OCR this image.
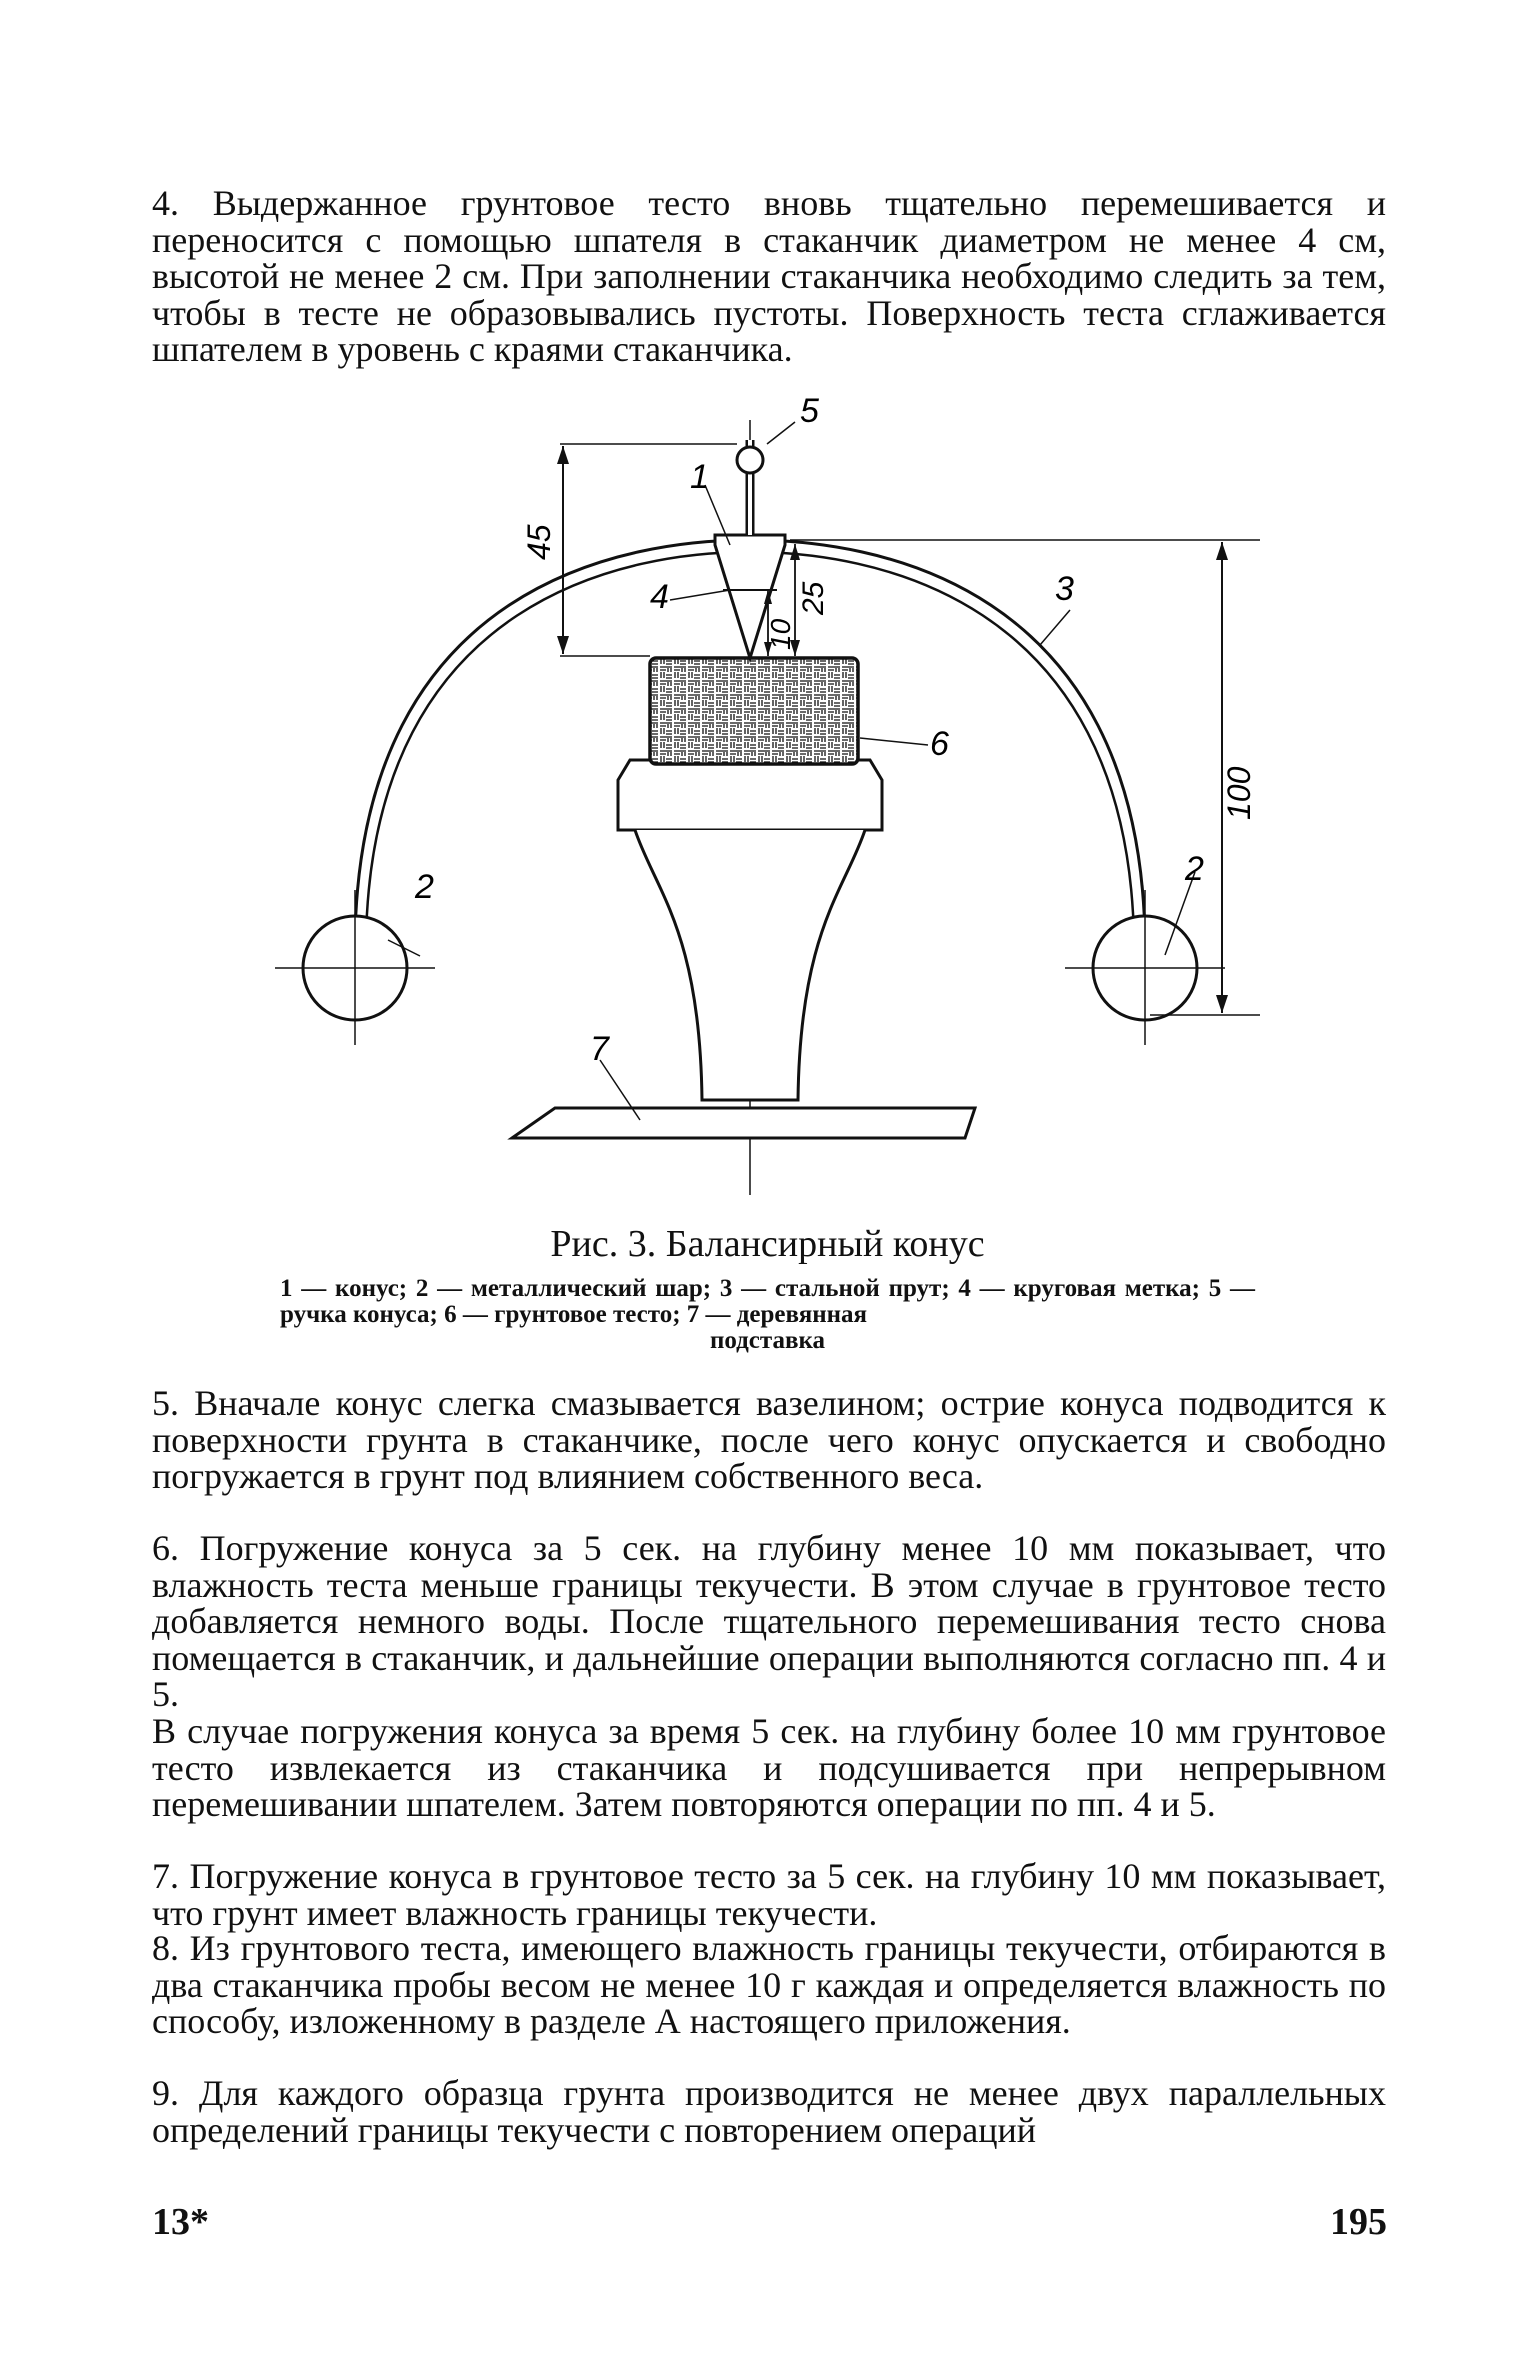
4. Выдержанное грунтовое тесто вновь тщательно перемешивается и переносится с помощью шпателя в стаканчик диаметром не менее 4 см, высотой не менее 2 см. При заполнении стаканчика необходимо следить за тем, чтобы в тесте не образовывались пустоты. Поверхность теста сглаживается шпателем в уровень с краями стаканчика.

45
25
10
100
1
2	2
3
4
5
6
7

Рис. 3. Балансирный конус

1 — конус; 2 — металлический шар; 3 — стальной прут; 4 — круговая метка; 5 — ручка конуса; 6 — грунтовое тесто; 7 — деревянная
подставка

5. Вначале конус слегка смазывается вазелином; острие конуса подводится к поверхности грунта в стаканчике, после чего конус опускается и свободно погружается в грунт под влиянием собственного веса.

6. Погружение конуса за 5 сек. на глубину менее 10 мм показывает, что влажность теста меньше границы текучести. В этом случае в грунтовое тесто добавляется немного воды. После тщательного перемешивания тесто снова помещается в стаканчик, и дальнейшие операции выполняются согласно пп. 4 и 5.

В случае погружения конуса за время 5 сек. на глубину более 10 мм грунтовое тесто извлекается из стаканчика и подсушивается при непрерывном перемешивании шпателем. Затем повторяются операции по пп. 4 и 5.

7. Погружение конуса в грунтовое тесто за 5 сек. на глубину 10 мм показывает, что грунт имеет влажность границы текучести.

8. Из грунтового теста, имеющего влажность границы текучести, отбираются в два стаканчика пробы весом не менее 10 г каждая и определяется влажность по способу, изложенному в разделе А настоящего приложения.

9. Для каждого образца грунта производится не менее двух параллельных определений границы текучести с повторением операций

13*	195
